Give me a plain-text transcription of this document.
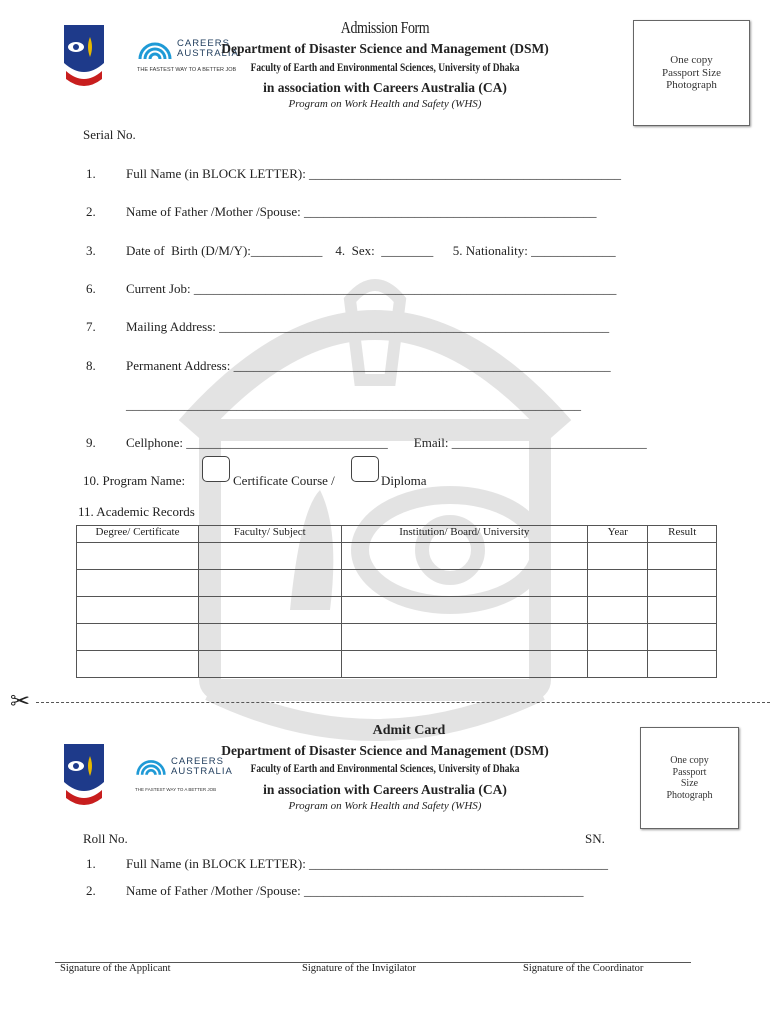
CAREERS
AUSTRALIA
THE FASTEST WAY TO A BETTER JOB
Admission Form
Department of Disaster Science and Management (DSM)
Faculty of Earth and Environmental Sciences, University of Dhaka
in association with Careers Australia (CA)
Program on Work Health and Safety (WHS)
One copy
Passport Size
Photograph
Serial No.
1. Full Name (in BLOCK LETTER): ________________________________________________
2. Name of Father /Mother /Spouse: _____________________________________________
3. Date of  Birth (D/M/Y):___________    4.  Sex:  ________      5. Nationality: _____________
6. Current Job: _________________________________________________________________
7. Mailing Address: ____________________________________________________________
8. Permanent Address: __________________________________________________________
______________________________________________________________________
9. Cellphone: _______________________________        Email: ______________________________
10. Program Name:	Certificate Course /	Diploma
11. Academic Records
Degree/ Certificate	Faculty/ Subject	Institution/ Board/ University	Year	Result

✂
CAREERS
AUSTRALIA
THE FASTEST WAY TO A BETTER JOB
Admit Card
Department of Disaster Science and Management (DSM)
Faculty of Earth and Environmental Sciences, University of Dhaka
in association with Careers Australia (CA)
Program on Work Health and Safety (WHS)
One copy
Passport
Size
Photograph
Roll No.	SN.
1. Full Name (in BLOCK LETTER): ______________________________________________
2. Name of Father /Mother /Spouse: ___________________________________________
Signature of the Applicant	Signature of the Invigilator	Signature of the Coordinator
